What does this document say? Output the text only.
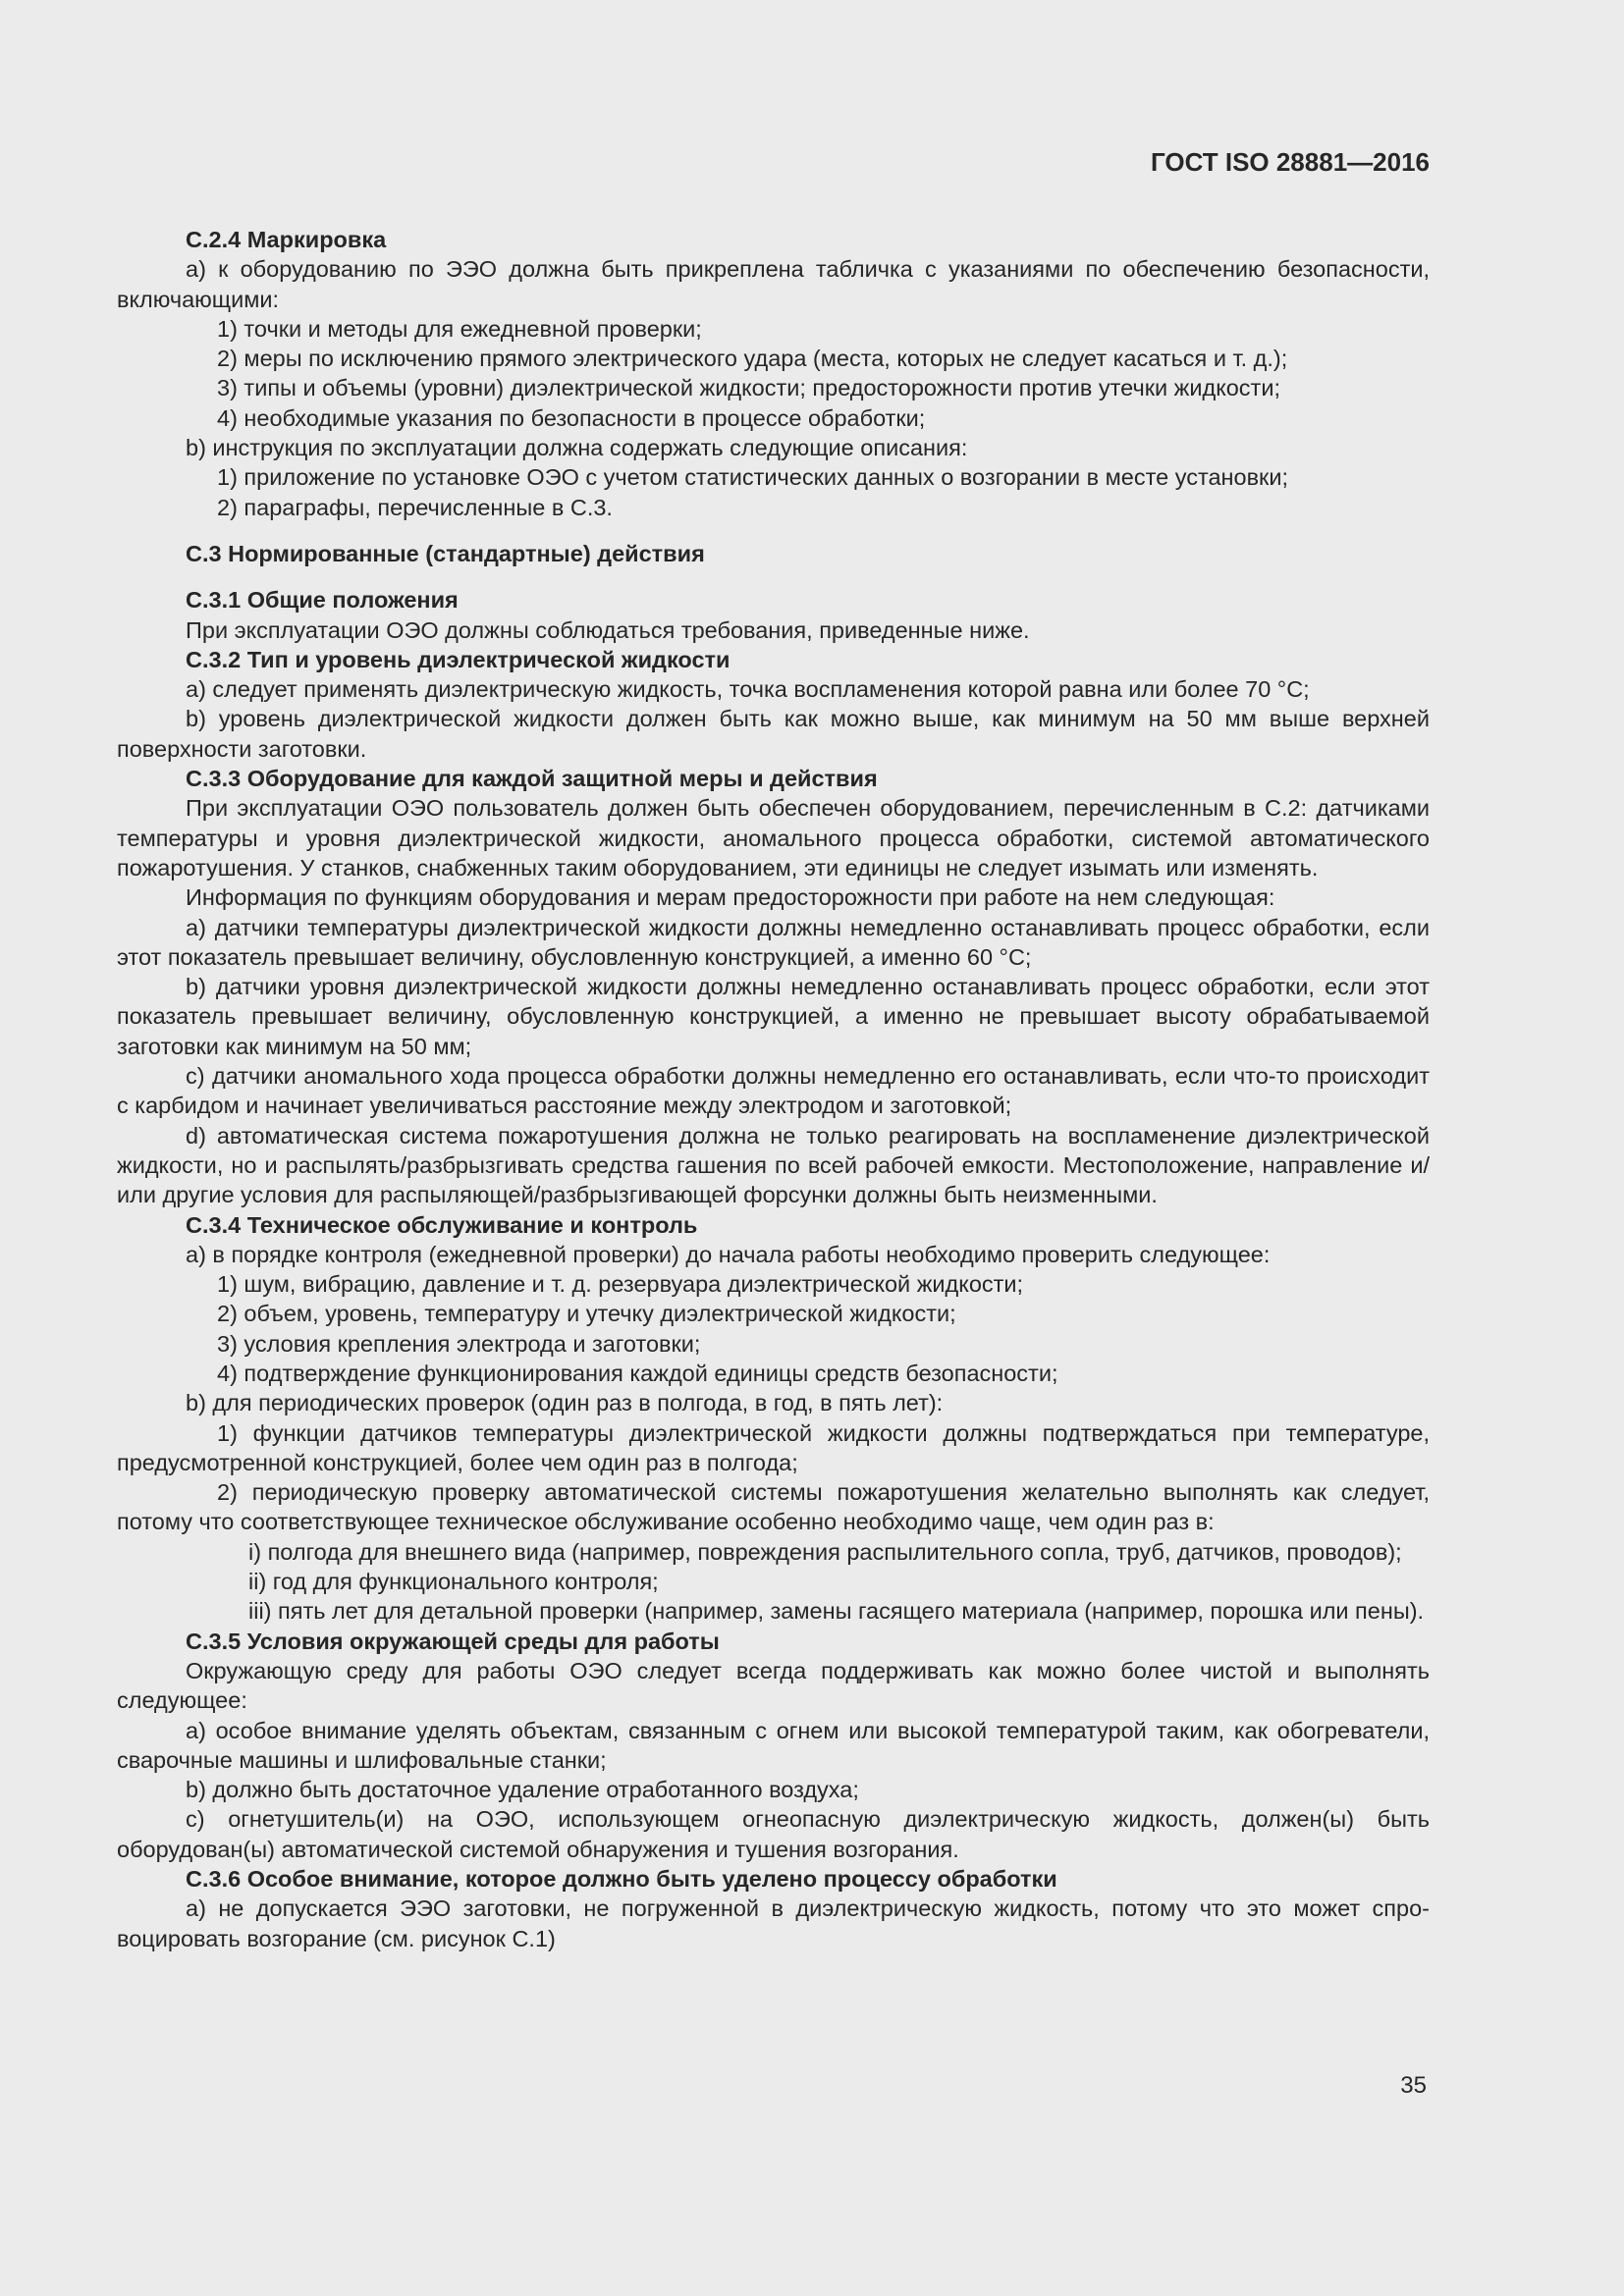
ГОСТ ISO 28881—2016

C.2.4 Маркировка

a) к оборудованию по ЭЭО должна быть прикреплена табличка с указаниями по обеспечению безопасности, включающими:

1) точки и методы для ежедневной проверки;

2) меры по исключению прямого электрического удара (места, которых не следует касаться и т. д.);

3) типы и объемы (уровни) диэлектрической жидкости; предосторожности против утечки жидкости;

4) необходимые указания по безопасности в процессе обработки;

b) инструкция по эксплуатации должна содержать следующие описания:

1) приложение по установке ОЭО с учетом статистических данных о возгорании в месте установки;

2) параграфы, перечисленные в С.3.

С.3 Нормированные (стандартные) действия

С.3.1 Общие положения

При эксплуатации ОЭО должны соблюдаться требования, приведенные ниже.

С.3.2 Тип и уровень диэлектрической жидкости

a) следует применять диэлектрическую жидкость, точка воспламенения которой равна или более 70 °С;

b) уровень диэлектрической жидкости должен быть как можно выше, как минимум на 50 мм выше верхней поверхности заготовки.

С.3.3 Оборудование для каждой защитной меры и действия

При эксплуатации ОЭО пользователь должен быть обеспечен оборудованием, перечисленным в С.2: датчиками температуры и уровня диэлектрической жидкости, аномального процесса обработки, системой автоматического пожаротушения. У станков, снабженных таким оборудованием, эти единицы не следует изымать или изменять.

Информация по функциям оборудования и мерам предосторожности при работе на нем следующая:

a) датчики температуры диэлектрической жидкости должны немедленно останавливать процесс обработки, если этот показатель превышает величину, обусловленную конструкцией, а именно 60 °С;

b) датчики уровня диэлектрической жидкости должны немедленно останавливать процесс обработки, если этот показатель превышает величину, обусловленную конструкцией, а именно не превышает высоту обрабатываемой заготовки как минимум на 50 мм;

c) датчики аномального хода процесса обработки должны немедленно его останавливать, если что-то происходит с карбидом и начинает увеличиваться расстояние между электродом и заготовкой;

d) автоматическая система пожаротушения должна не только реагировать на воспламенение диэлектрической жидкости, но и распылять/разбрызгивать средства гашения по всей рабочей емкости. Местоположение, направление и/или другие условия для распыляющей/разбрызгивающей форсунки должны быть неизменными.

С.3.4 Техническое обслуживание и контроль

a) в порядке контроля (ежедневной проверки) до начала работы необходимо проверить следующее:

1) шум, вибрацию, давление и т. д. резервуара диэлектрической жидкости;

2) объем, уровень, температуру и утечку диэлектрической жидкости;

3) условия крепления электрода и заготовки;

4) подтверждение функционирования каждой единицы средств безопасности;

b) для периодических проверок (один раз в полгода, в год, в пять лет):

1) функции датчиков температуры диэлектрической жидкости должны подтверждаться при температуре, предусмотренной конструкцией, более чем один раз в полгода;

2) периодическую проверку автоматической системы пожаротушения желательно выполнять как следует, потому что соответствующее техническое обслуживание особенно необходимо чаще, чем один раз в:

i) полгода для внешнего вида (например, повреждения распылительного сопла, труб, датчиков, проводов);

ii) год для функционального контроля;

iii) пять лет для детальной проверки (например, замены гасящего материала (например, порошка или пены).

С.3.5 Условия окружающей среды для работы

Окружающую среду для работы ОЭО следует всегда поддерживать как можно более чистой и выполнять следующее:

a) особое внимание уделять объектам, связанным с огнем или высокой температурой таким, как обогреватели, сварочные машины и шлифовальные станки;

b) должно быть достаточное удаление отработанного воздуха;

c) огнетушитель(и) на ОЭО, использующем огнеопасную диэлектрическую жидкость, должен(ы) быть оборудован(ы) автоматической системой обнаружения и тушения возгорания.

С.3.6 Особое внимание, которое должно быть уделено процессу обработки

a) не допускается ЭЭО заготовки, не погруженной в диэлектрическую жидкость, потому что это может спровоцировать возгорание (см. рисунок С.1)

35
